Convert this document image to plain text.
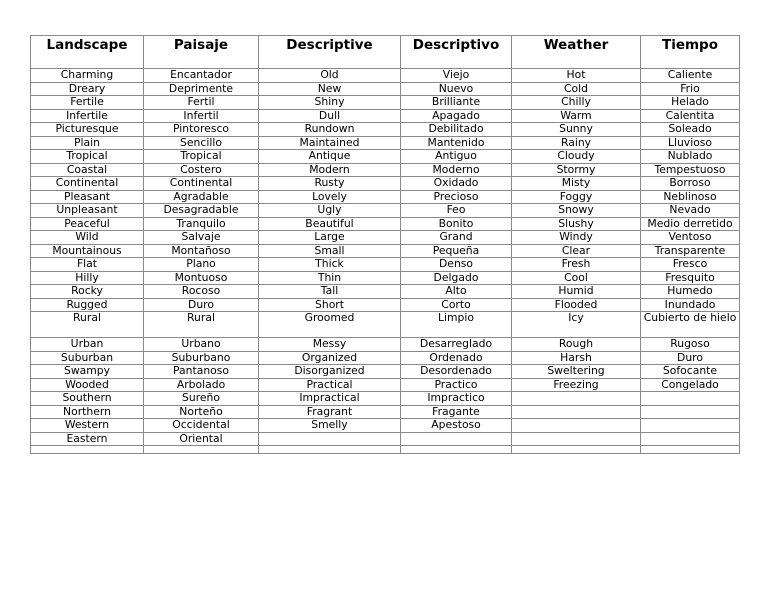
Landscape	Paisaje	Descriptive	Descriptivo	Weather	Tiempo
Charming	Encantador	Old	Viejo	Hot	Caliente
Dreary	Deprimente	New	Nuevo	Cold	Frio
Fertile	Fertil	Shiny	Brilliante	Chilly	Helado
Infertile	Infertil	Dull	Apagado	Warm	Calentita
Picturesque	Pintoresco	Rundown	Debilitado	Sunny	Soleado
Plain	Sencillo	Maintained	Mantenido	Rainy	Lluvioso
Tropical	Tropical	Antique	Antiguo	Cloudy	Nublado
Coastal	Costero	Modern	Moderno	Stormy	Tempestuoso
Continental	Continental	Rusty	Oxidado	Misty	Borroso
Pleasant	Agradable	Lovely	Precioso	Foggy	Neblinoso
Unpleasant	Desagradable	Ugly	Feo	Snowy	Nevado
Peaceful	Tranquilo	Beautiful	Bonito	Slushy	Medio derretido
Wild	Salvaje	Large	Grand	Windy	Ventoso
Mountainous	Montañoso	Small	Pequeña	Clear	Transparente
Flat	Plano	Thick	Denso	Fresh	Fresco
Hilly	Montuoso	Thin	Delgado	Cool	Fresquito
Rocky	Rocoso	Tall	Alto	Humid	Humedo
Rugged	Duro	Short	Corto	Flooded	Inundado
Rural	Rural	Groomed	Limpio	Icy	Cubierto de hielo
Urban	Urbano	Messy	Desarreglado	Rough	Rugoso
Suburban	Suburbano	Organized	Ordenado	Harsh	Duro
Swampy	Pantanoso	Disorganized	Desordenado	Sweltering	Sofocante
Wooded	Arbolado	Practical	Practico	Freezing	Congelado
Southern	Sureño	Impractical	Impractico		
Northern	Norteño	Fragrant	Fragante		
Western	Occidental	Smelly	Apestoso		
Eastern	Oriental				
